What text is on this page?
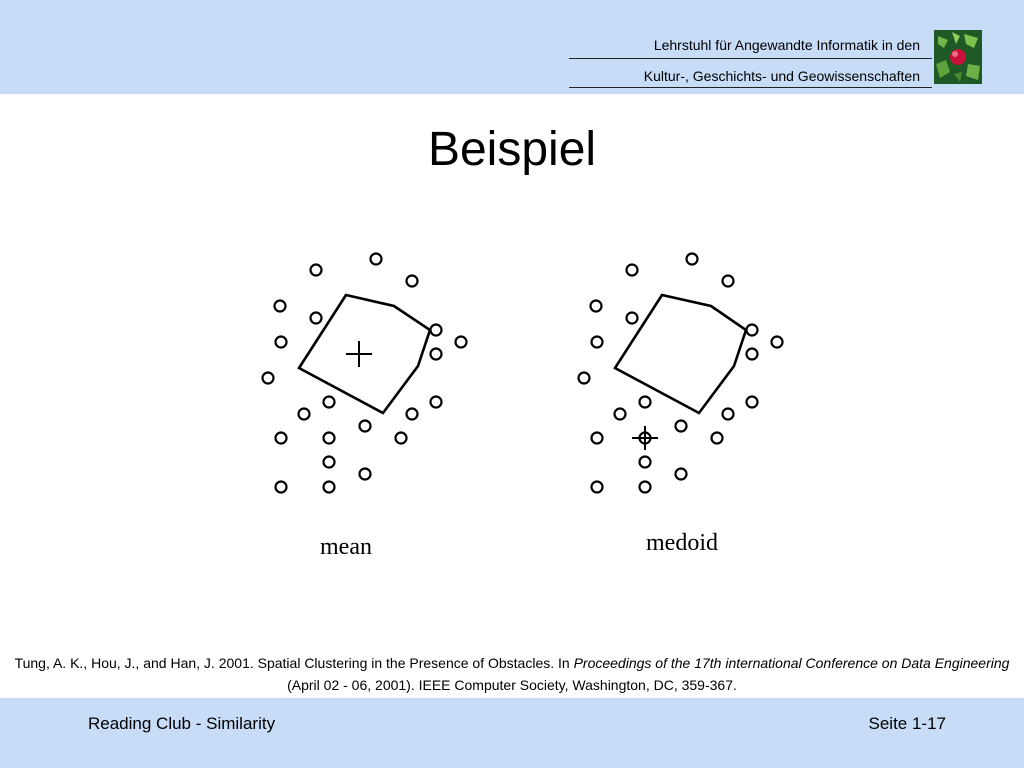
Lehrstuhl für Angewandte Informatik in den
Kultur-, Geschichts- und Geowissenschaften
Beispiel
mean	medoid
Tung, A. K., Hou, J., and Han, J. 2001. Spatial Clustering in the Presence of Obstacles. In Proceedings of the 17th international Conference on Data Engineering (April 02 - 06, 2001). IEEE Computer Society, Washington, DC, 359-367.
Reading Club - Similarity	Seite 1-17
